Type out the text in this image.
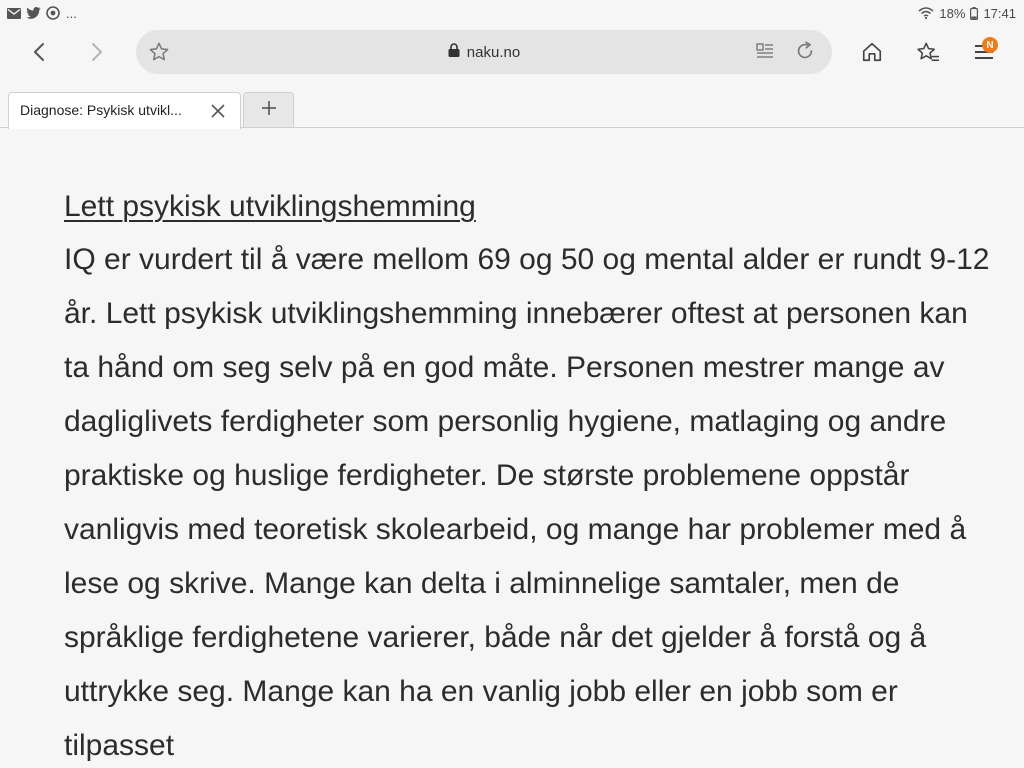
...	18% 17:41
naku.no	N
Diagnose: Psykisk utvikl...
Lett psykisk utviklingshemming

IQ er vurdert til å være mellom 69 og 50 og mental alder er rundt 9-12 år. Lett psykisk utviklingshemming innebærer oftest at personen kan ta hånd om seg selv på en god måte. Personen mestrer mange av dagliglivets ferdigheter som personlig hygiene, matlaging og andre praktiske og huslige ferdigheter. De største problemene oppstår vanligvis med teoretisk skolearbeid, og mange har problemer med å lese og skrive. Mange kan delta i alminnelige samtaler, men de språklige ferdighetene varierer, både når det gjelder å forstå og å uttrykke seg. Mange kan ha en vanlig jobb eller en jobb som er tilpasset
